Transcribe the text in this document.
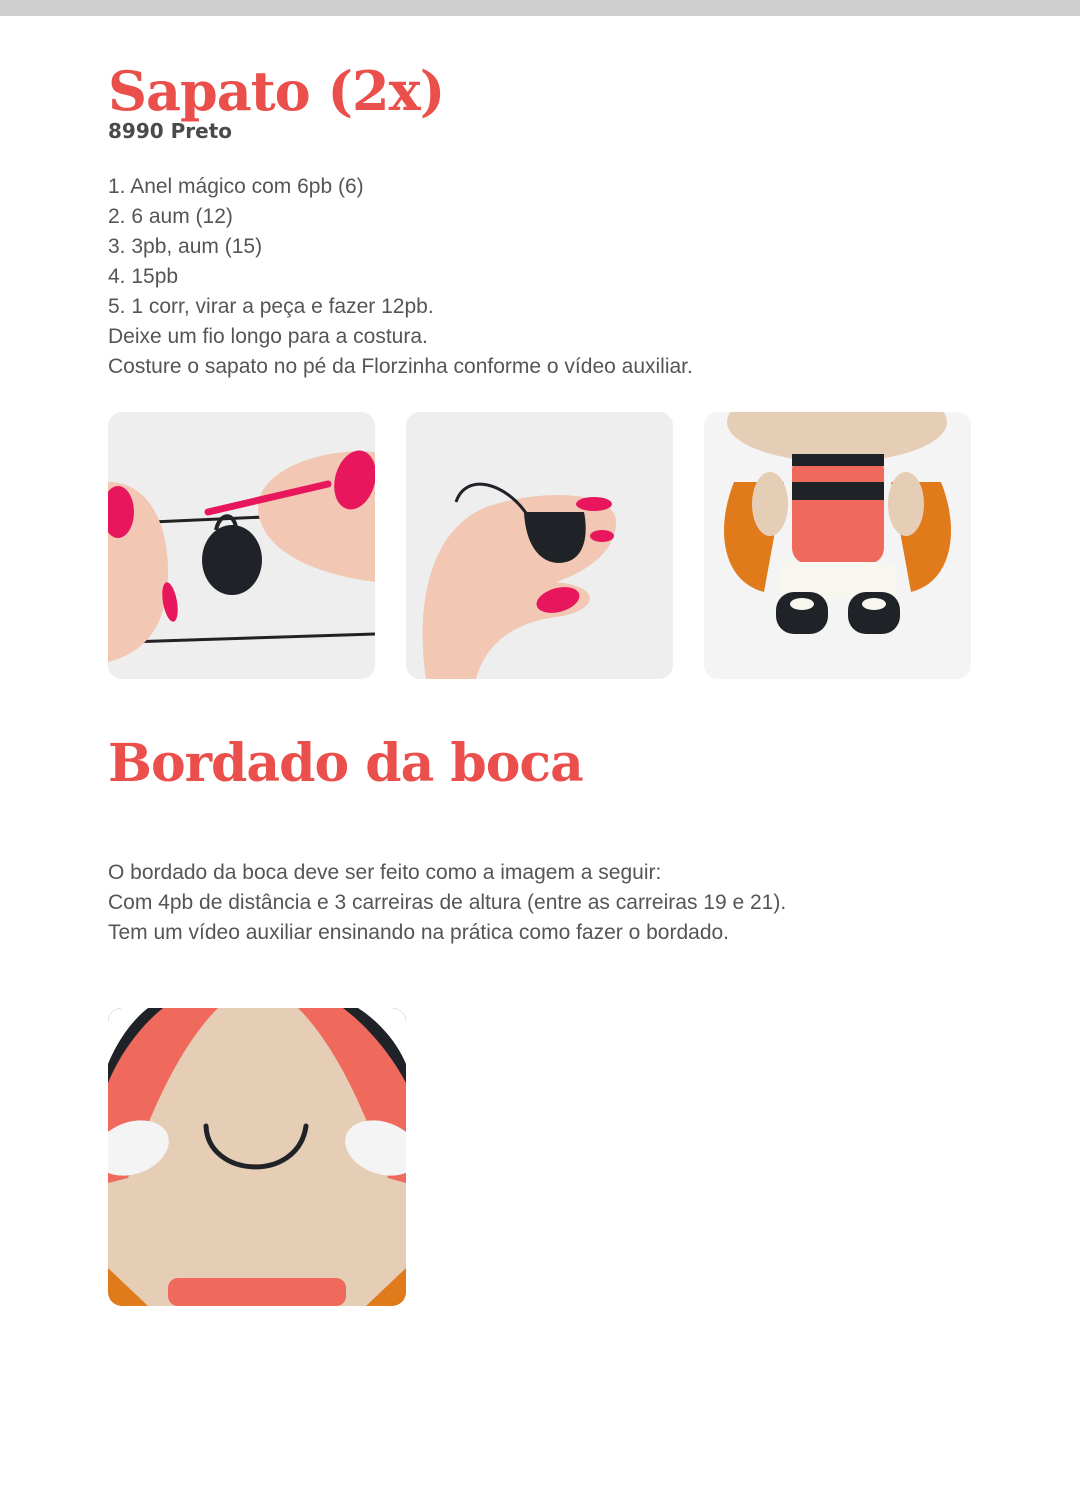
Sapato (2x)
8990 Preto
1. Anel mágico com 6pb (6)
2. 6 aum (12)
3. 3pb, aum (15)
4. 15pb
5. 1 corr, virar a peça e fazer 12pb.
Deixe um fio longo para a costura.
Costure o sapato no pé da Florzinha conforme o vídeo auxiliar.
Bordado da boca

O bordado da boca deve ser feito como a imagem a seguir:

Com 4pb de distância e 3 carreiras de altura (entre as carreiras 19 e 21).

Tem um vídeo auxiliar ensinando na prática como fazer o bordado.
